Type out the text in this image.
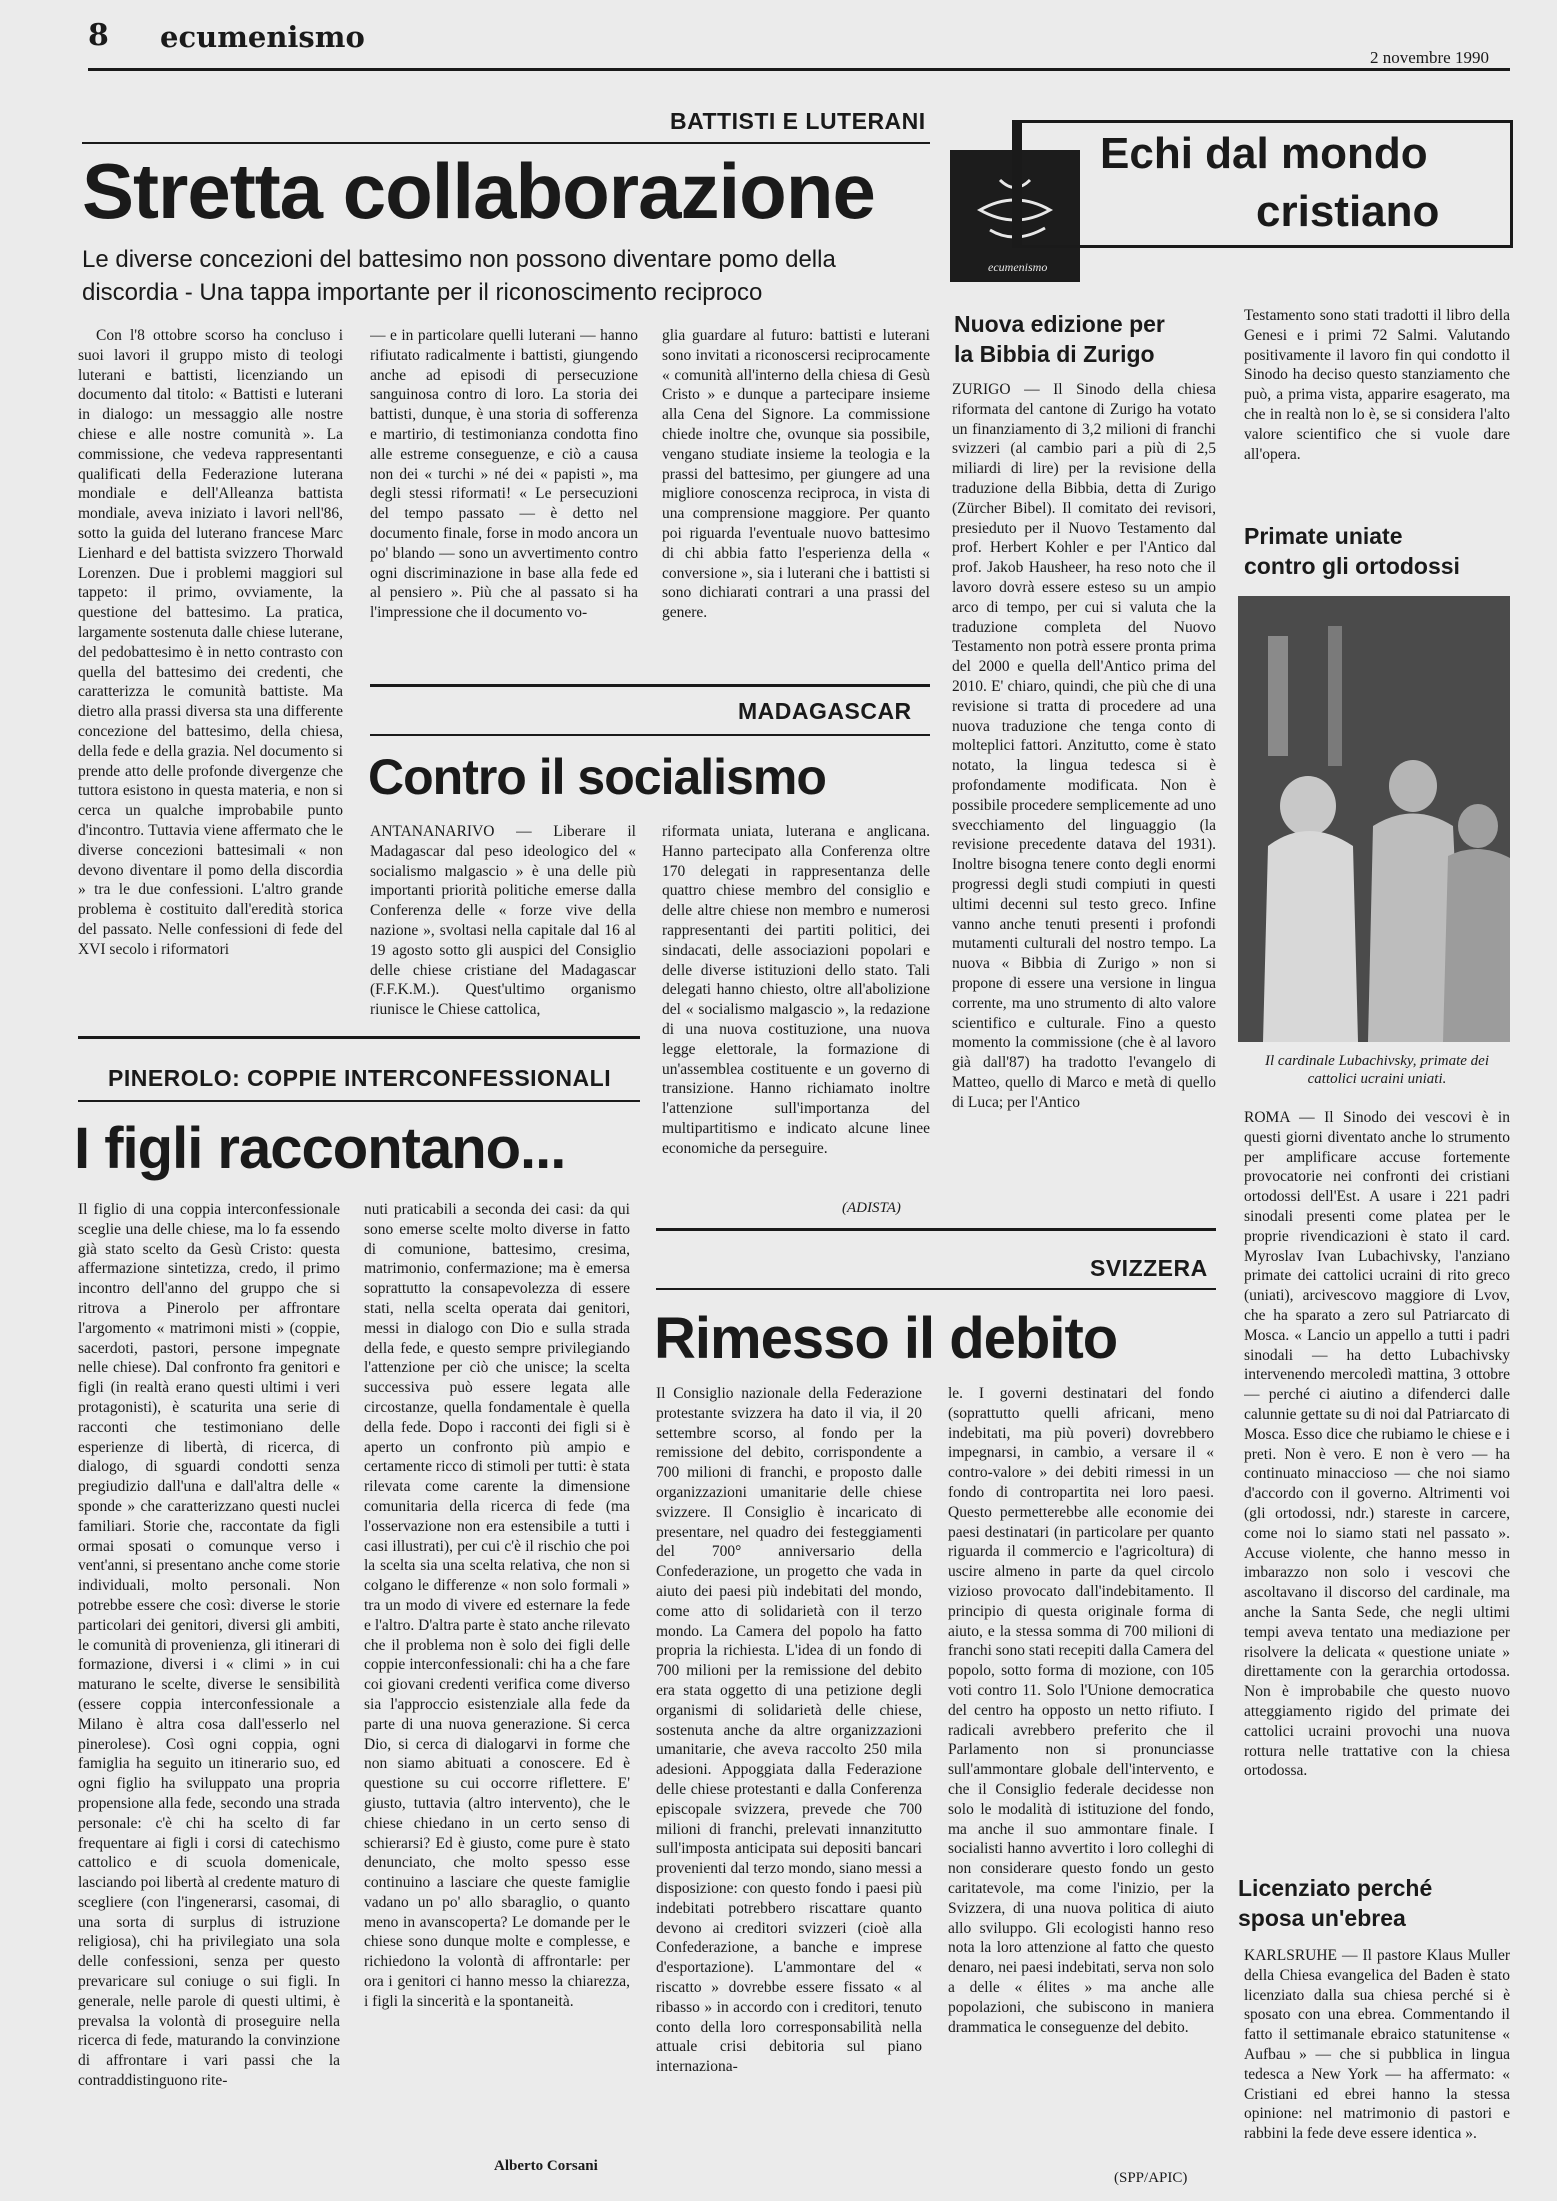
8 ecumenismo
2 novembre 1990
BATTISTI E LUTERANI
Stretta collaborazione
Le diverse concezioni del battesimo non possono diventare pomo della discordia - Una tappa importante per il riconoscimento reciproco
Con l'8 ottobre scorso ha concluso i suoi lavori il gruppo misto di teologi luterani e battisti, licenziando un documento dal titolo: « Battisti e luterani in dialogo: un messaggio alle nostre chiese e alle nostre comunità ». La commissione, che vedeva rappresentanti qualificati della Federazione luterana mondiale e dell'Alleanza battista mondiale, aveva iniziato i lavori nell'86, sotto la guida del luterano francese Marc Lienhard e del battista svizzero Thorwald Lorenzen. Due i problemi maggiori sul tappeto: il primo, ovviamente, la questione del battesimo. La pratica, largamente sostenuta dalle chiese luterane, del pedobattesimo è in netto contrasto con quella del battesimo dei credenti, che caratterizza le comunità battiste. Ma dietro alla prassi diversa sta una differente concezione del battesimo, della chiesa, della fede e della grazia. Nel documento si prende atto delle profonde divergenze che tuttora esistono in questa materia, e non si cerca un qualche improbabile punto d'incontro. Tuttavia viene affermato che le diverse concezioni battesimali « non devono diventare il pomo della discordia » tra le due confessioni. L'altro grande problema è costituito dall'eredità storica del passato. Nelle confessioni di fede del XVI secolo i riformatori
— e in particolare quelli luterani — hanno rifiutato radicalmente i battisti, giungendo anche ad episodi di persecuzione sanguinosa contro di loro. La storia dei battisti, dunque, è una storia di sofferenza e martirio, di testimonianza condotta fino alle estreme conseguenze, e ciò a causa non dei « turchi » né dei « papisti », ma degli stessi riformati! « Le persecuzioni del tempo passato — è detto nel documento finale, forse in modo ancora un po' blando — sono un avvertimento contro ogni discriminazione in base alla fede ed al pensiero ». Più che al passato si ha l'impressione che il documento vo-
glia guardare al futuro: battisti e luterani sono invitati a riconoscersi reciprocamente « comunità all'interno della chiesa di Gesù Cristo » e dunque a partecipare insieme alla Cena del Signore. La commissione chiede inoltre che, ovunque sia possibile, vengano studiate insieme la teologia e la prassi del battesimo, per giungere ad una migliore conoscenza reciproca, in vista di una comprensione maggiore. Per quanto poi riguarda l'eventuale nuovo battesimo di chi abbia fatto l'esperienza della « conversione », sia i luterani che i battisti si sono dichiarati contrari a una prassi del genere.
MADAGASCAR
Contro il socialismo
ANTANANARIVO — Liberare il Madagascar dal peso ideologico del « socialismo malgascio » è una delle più importanti priorità politiche emerse dalla Conferenza delle « forze vive della nazione », svoltasi nella capitale dal 16 al 19 agosto sotto gli auspici del Consiglio delle chiese cristiane del Madagascar (F.F.K.M.). Quest'ultimo organismo riunisce le Chiese cattolica,
riformata uniata, luterana e anglicana. Hanno partecipato alla Conferenza oltre 170 delegati in rappresentanza delle quattro chiese membro del consiglio e delle altre chiese non membro e numerosi rappresentanti dei partiti politici, dei sindacati, delle associazioni popolari e delle diverse istituzioni dello stato. Tali delegati hanno chiesto, oltre all'abolizione del « socialismo malgascio », la redazione di una nuova costituzione, una nuova legge elettorale, la formazione di un'assemblea costituente e un governo di transizione. Hanno richiamato inoltre l'attenzione sull'importanza del multipartitismo e indicato alcune linee economiche da perseguire.
(ADISTA)
PINEROLO: COPPIE INTERCONFESSIONALI
I figli raccontano...
Il figlio di una coppia interconfessionale sceglie una delle chiese, ma lo fa essendo già stato scelto da Gesù Cristo: questa affermazione sintetizza, credo, il primo incontro dell'anno del gruppo che si ritrova a Pinerolo per affrontare l'argomento « matrimoni misti » (coppie, sacerdoti, pastori, persone impegnate nelle chiese). Dal confronto fra genitori e figli (in realtà erano questi ultimi i veri protagonisti), è scaturita una serie di racconti che testimoniano delle esperienze di libertà, di ricerca, di dialogo, di sguardi condotti senza pregiudizio dall'una e dall'altra delle « sponde » che caratterizzano questi nuclei familiari. Storie che, raccontate da figli ormai sposati o comunque verso i vent'anni, si presentano anche come storie individuali, molto personali. Non potrebbe essere che così: diverse le storie particolari dei genitori, diversi gli ambiti, le comunità di provenienza, gli itinerari di formazione, diversi i « climi » in cui maturano le scelte, diverse le sensibilità (essere coppia interconfessionale a Milano è altra cosa dall'esserlo nel pinerolese). Così ogni coppia, ogni famiglia ha seguito un itinerario suo, ed ogni figlio ha sviluppato una propria propensione alla fede, secondo una strada personale: c'è chi ha scelto di far frequentare ai figli i corsi di catechismo cattolico e di scuola domenicale, lasciando poi libertà al credente maturo di scegliere (con l'ingenerarsi, casomai, di una sorta di surplus di istruzione religiosa), chi ha privilegiato una sola delle confessioni, senza per questo prevaricare sul coniuge o sui figli. In generale, nelle parole di questi ultimi, è prevalsa la volontà di proseguire nella ricerca di fede, maturando la convinzione di affrontare i vari passi che la contraddistinguono rite-
nuti praticabili a seconda dei casi: da qui sono emerse scelte molto diverse in fatto di comunione, battesimo, cresima, matrimonio, confermazione; ma è emersa soprattutto la consapevolezza di essere stati, nella scelta operata dai genitori, messi in dialogo con Dio e sulla strada della fede, e questo sempre privilegiando l'attenzione per ciò che unisce; la scelta successiva può essere legata alle circostanze, quella fondamentale è quella della fede. Dopo i racconti dei figli si è aperto un confronto più ampio e certamente ricco di stimoli per tutti: è stata rilevata come carente la dimensione comunitaria della ricerca di fede (ma l'osservazione non era estensibile a tutti i casi illustrati), per cui c'è il rischio che poi la scelta sia una scelta relativa, che non si colgano le differenze « non solo formali » tra un modo di vivere ed esternare la fede e l'altro. D'altra parte è stato anche rilevato che il problema non è solo dei figli delle coppie interconfessionali: chi ha a che fare coi giovani credenti verifica come diverso sia l'approccio esistenziale alla fede da parte di una nuova generazione. Si cerca Dio, si cerca di dialogarvi in forme che non siamo abituati a conoscere. Ed è questione su cui occorre riflettere. E' giusto, tuttavia (altro intervento), che le chiese chiedano in un certo senso di schierarsi? Ed è giusto, come pure è stato denunciato, che molto spesso esse continuino a lasciare che queste famiglie vadano un po' allo sbaraglio, o quanto meno in avanscoperta? Le domande per le chiese sono dunque molte e complesse, e richiedono la volontà di affrontarle: per ora i genitori ci hanno messo la chiarezza, i figli la sincerità e la spontaneità.
Alberto Corsani
SVIZZERA
Rimesso il debito
Il Consiglio nazionale della Federazione protestante svizzera ha dato il via, il 20 settembre scorso, al fondo per la remissione del debito, corrispondente a 700 milioni di franchi, e proposto dalle organizzazioni umanitarie delle chiese svizzere. Il Consiglio è incaricato di presentare, nel quadro dei festeggiamenti del 700° anniversario della Confederazione, un progetto che vada in aiuto dei paesi più indebitati del mondo, come atto di solidarietà con il terzo mondo. La Camera del popolo ha fatto propria la richiesta. L'idea di un fondo di 700 milioni per la remissione del debito era stata oggetto di una petizione degli organismi di solidarietà delle chiese, sostenuta anche da altre organizzazioni umanitarie, che aveva raccolto 250 mila adesioni. Appoggiata dalla Federazione delle chiese protestanti e dalla Conferenza episcopale svizzera, prevede che 700 milioni di franchi, prelevati innanzitutto sull'imposta anticipata sui depositi bancari provenienti dal terzo mondo, siano messi a disposizione: con questo fondo i paesi più indebitati potrebbero riscattare quanto devono ai creditori svizzeri (cioè alla Confederazione, a banche e imprese d'esportazione). L'ammontare del « riscatto » dovrebbe essere fissato « al ribasso » in accordo con i creditori, tenuto conto della loro corresponsabilità nella attuale crisi debitoria sul piano internaziona-
le. I governi destinatari del fondo (soprattutto quelli africani, meno indebitati, ma più poveri) dovrebbero impegnarsi, in cambio, a versare il « contro-valore » dei debiti rimessi in un fondo di contropartita nei loro paesi. Questo permetterebbe alle economie dei paesi destinatari (in particolare per quanto riguarda il commercio e l'agricoltura) di uscire almeno in parte da quel circolo vizioso provocato dall'indebitamento. Il principio di questa originale forma di aiuto, e la stessa somma di 700 milioni di franchi sono stati recepiti dalla Camera del popolo, sotto forma di mozione, con 105 voti contro 11. Solo l'Unione democratica del centro ha opposto un netto rifiuto. I radicali avrebbero preferito che il Parlamento non si pronunciasse sull'ammontare globale dell'intervento, e che il Consiglio federale decidesse non solo le modalità di istituzione del fondo, ma anche il suo ammontare finale. I socialisti hanno avvertito i loro colleghi di non considerare questo fondo un gesto caritatevole, ma come l'inizio, per la Svizzera, di una nuova politica di aiuto allo sviluppo. Gli ecologisti hanno reso nota la loro attenzione al fatto che questo denaro, nei paesi indebitati, serva non solo a delle « élites » ma anche alle popolazioni, che subiscono in maniera drammatica le conseguenze del debito.
(SPP/APIC)
ecumenismo
Echi dal mondo
cristiano
Nuova edizione per
la Bibbia di Zurigo
ZURIGO — Il Sinodo della chiesa riformata del cantone di Zurigo ha votato un finanziamento di 3,2 milioni di franchi svizzeri (al cambio pari a più di 2,5 miliardi di lire) per la revisione della traduzione della Bibbia, detta di Zurigo (Zürcher Bibel). Il comitato dei revisori, presieduto per il Nuovo Testamento dal prof. Herbert Kohler e per l'Antico dal prof. Jakob Hausheer, ha reso noto che il lavoro dovrà essere esteso su un ampio arco di tempo, per cui si valuta che la traduzione completa del Nuovo Testamento non potrà essere pronta prima del 2000 e quella dell'Antico prima del 2010. E' chiaro, quindi, che più che di una revisione si tratta di procedere ad una nuova traduzione che tenga conto di molteplici fattori. Anzitutto, come è stato notato, la lingua tedesca si è profondamente modificata. Non è possibile procedere semplicemente ad uno svecchiamento del linguaggio (la revisione precedente datava del 1931). Inoltre bisogna tenere conto degli enormi progressi degli studi compiuti in questi ultimi decenni sul testo greco. Infine vanno anche tenuti presenti i profondi mutamenti culturali del nostro tempo. La nuova « Bibbia di Zurigo » non si propone di essere una versione in lingua corrente, ma uno strumento di alto valore scientifico e culturale. Fino a questo momento la commissione (che è al lavoro già dall'87) ha tradotto l'evangelo di Matteo, quello di Marco e metà di quello di Luca; per l'Antico
Testamento sono stati tradotti il libro della Genesi e i primi 72 Salmi. Valutando positivamente il lavoro fin qui condotto il Sinodo ha deciso questo stanziamento che può, a prima vista, apparire esagerato, ma che in realtà non lo è, se si considera l'alto valore scientifico che si vuole dare all'opera.
Primate uniate
contro gli ortodossi
Il cardinale Lubachivsky, primate dei cattolici ucraini uniati.
ROMA — Il Sinodo dei vescovi è in questi giorni diventato anche lo strumento per amplificare accuse fortemente provocatorie nei confronti dei cristiani ortodossi dell'Est. A usare i 221 padri sinodali presenti come platea per le proprie rivendicazioni è stato il card. Myroslav Ivan Lubachivsky, l'anziano primate dei cattolici ucraini di rito greco (uniati), arcivescovo maggiore di Lvov, che ha sparato a zero sul Patriarcato di Mosca. « Lancio un appello a tutti i padri sinodali — ha detto Lubachivsky intervenendo mercoledì mattina, 3 ottobre — perché ci aiutino a difenderci dalle calunnie gettate su di noi dal Patriarcato di Mosca. Esso dice che rubiamo le chiese e i preti. Non è vero. E non è vero — ha continuato minaccioso — che noi siamo d'accordo con il governo. Altrimenti voi (gli ortodossi, ndr.) stareste in carcere, come noi lo siamo stati nel passato ». Accuse violente, che hanno messo in imbarazzo non solo i vescovi che ascoltavano il discorso del cardinale, ma anche la Santa Sede, che negli ultimi tempi aveva tentato una mediazione per risolvere la delicata « questione uniate » direttamente con la gerarchia ortodossa. Non è improbabile che questo nuovo atteggiamento rigido del primate dei cattolici ucraini provochi una nuova rottura nelle trattative con la chiesa ortodossa.
Licenziato perché
sposa un'ebrea
KARLSRUHE — Il pastore Klaus Muller della Chiesa evangelica del Baden è stato licenziato dalla sua chiesa perché si è sposato con una ebrea. Commentando il fatto il settimanale ebraico statunitense « Aufbau » — che si pubblica in lingua tedesca a New York — ha affermato: « Cristiani ed ebrei hanno la stessa opinione: nel matrimonio di pastori e rabbini la fede deve essere identica ».
